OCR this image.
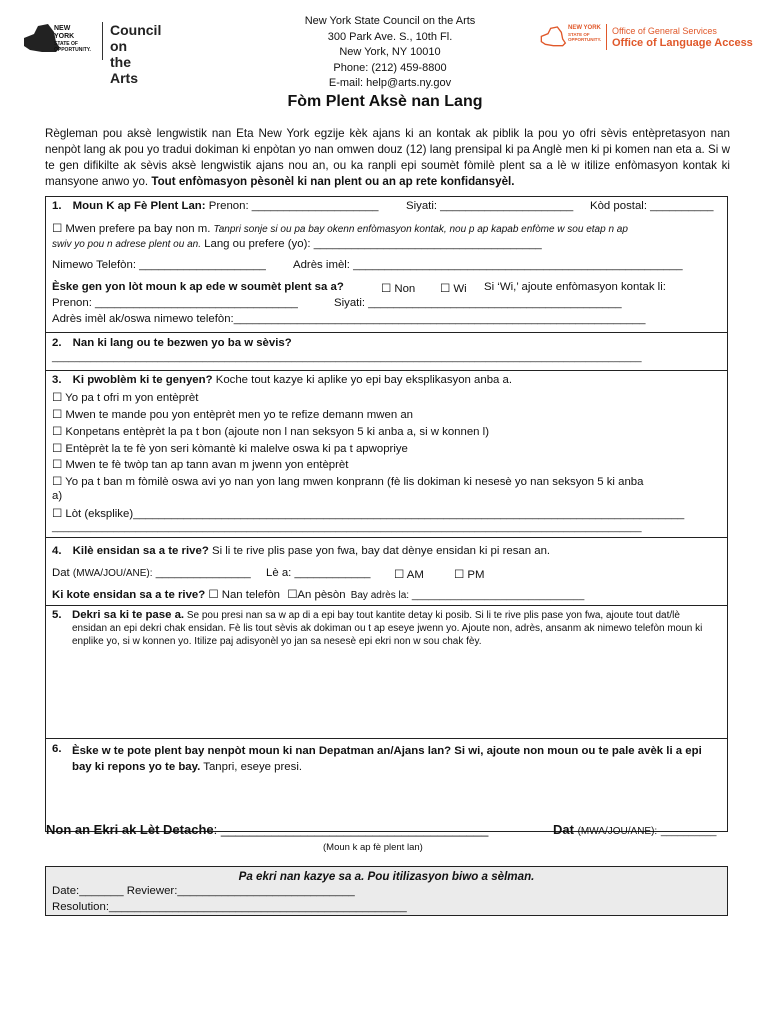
NEW YORK
STATE OF
OPPORTUNITY.
Council on
the Arts
New York State Council on the Arts
300 Park Ave. S., 10th Fl.
New York, NY 10010
Phone: (212) 459-8800
E-mail: help@arts.ny.gov
NEW YORK
STATE OF
OPPORTUNITY.
Office of General Services
Office of Language Access
Fòm Plent Aksè nan Lang
Règleman pou aksè lengwistik nan Eta New York egzije kèk ajans ki an kontak ak piblik la pou yo ofri sèvis entèpretasyon nan nenpòt lang ak pou yo tradui dokiman ki enpòtan yo nan omwen douz (12) lang prensipal ki pa Anglè men ki pi komen nan eta a. Si w te gen difikilte ak sèvis aksè lengwistik ajans nou an, ou ka ranpli epi soumèt fòmilè plent sa a lè w itilize enfòmasyon kontak ki mansyone anwo yo. Tout enfòmasyon pèsonèl ki nan plent ou an ap rete konfidansyèl.
1. Moun K ap Fè Plent Lan: Prenon: ____________________ Siyati: _____________________ Kòd postal: __________
☐ Mwen prefere pa bay non m. Tanpri sonje si ou pa bay okenn enfòmasyon kontak, nou p ap kapab enfòme w sou etap n ap
swiv yo pou n adrese plent ou an. Lang ou prefere (yo): ____________________________________
Nimewo Telefòn: ____________________ Adrès imèl: ____________________________________________________
Èske gen yon lòt moun k ap ede w soumèt plent sa a?	☐ Non ☐ Wi Si ‘Wi,’ ajoute enfòmasyon kontak li:
Prenon: ________________________________	Siyati: ________________________________________
Adrès imèl ak/oswa nimewo telefòn:_________________________________________________________________
2. Nan ki lang ou te bezwen yo ba w sèvis?
__________________________________________________________________________________________________________
3. Ki pwoblèm ki te genyen? Koche tout kazye ki aplike yo epi bay eksplikasyon anba a.
☐ Yo pa t ofri m yon entèprèt
☐ Mwen te mande pou yon entèprèt men yo te refize demann mwen an
☐ Konpetans entèprèt la pa t bon (ajoute non l nan seksyon 5 ki anba a, si w konnen l)
☐ Entèprèt la te fè yon seri kòmantè ki malelve oswa ki pa t apwopriye
☐ Mwen te fè twòp tan ap tann avan m jwenn yon entèprèt
☐ Yo pa t ban m fòmilè oswa avi yo nan yon lang mwen konprann (fè lis dokiman ki nesesè yo nan seksyon 5 ki anba
a)
☐ Lòt (eksplike)_______________________________________________________________________________________
__________________________________________________________________________________________________________
4. Kilè ensidan sa a te rive? Si li te rive plis pase yon fwa, bay dat dènye ensidan ki pi resan an.
Dat (MWA/JOU/ANE): _______________ Lè a: ____________ ☐ AM	☐ PM
Ki kote ensidan sa a te rive? ☐ Nan telefòn ☐An pèsòn Bay adrès la: _______________________________
5. Dekri sa ki te pase a. Se pou presi nan sa w ap di a epi bay tout kantite detay ki posib. Si li te rive plis pase yon fwa, ajoute tout dat/lè ensidan an epi dekri chak ensidan. Fè lis tout sèvis ak dokiman ou t ap eseye jwenn yo. Ajoute non, adrès, ansanm ak nimewo telefòn moun ki enplike yo, si w konnen yo. Itilize paj adisyonèl yo jan sa nesesè epi ekri non w sou chak fèy.
6. Èske w te pote plent bay nenpòt moun ki nan Depatman an/Ajans lan? Si wi, ajoute non moun ou te pale avèk li a epi bay ki repons yo te bay. Tanpri, eseye presi.
Non an Ekri ak Lèt Detache: _____________________________________	Dat (MWA/JOU/ANE): __________
(Moun k ap fè plent lan)
Pa ekri nan kazye sa a. Pou itilizasyon biwo a sèlman.
Date:_______ Reviewer:____________________________
Resolution:_______________________________________________
